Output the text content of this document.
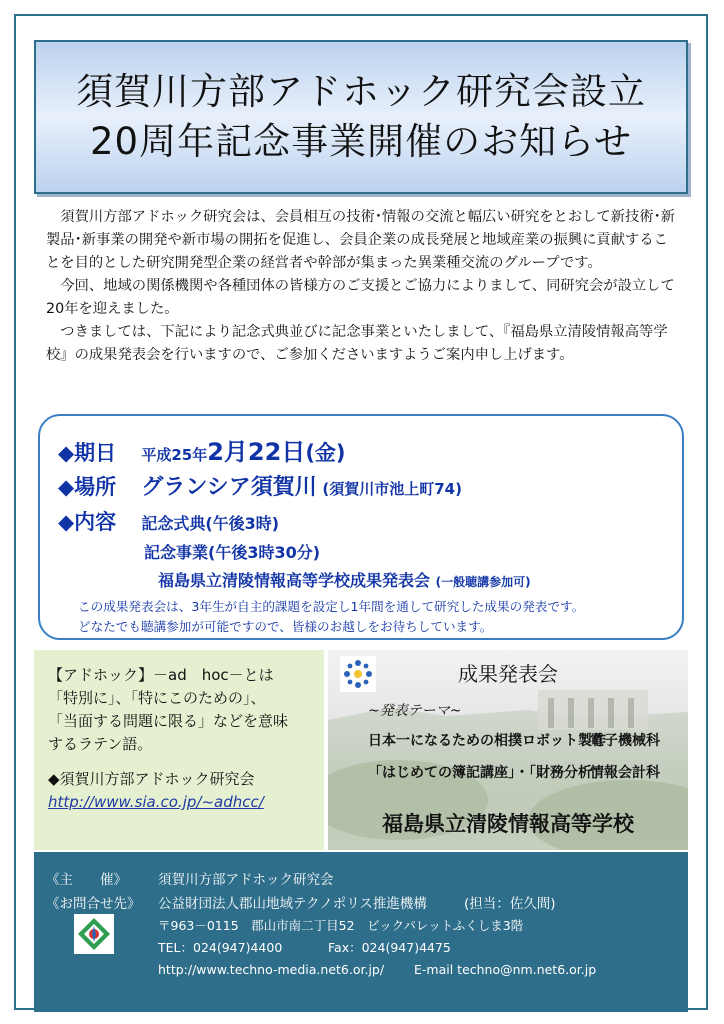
須賀川方部アドホック研究会設立
20周年記念事業開催のお知らせ

　須賀川方部アドホック研究会は、会員相互の技術･情報の交流と幅広い研究をとおして新技術･新製品･新事業の開発や新市場の開拓を促進し、会員企業の成長発展と地域産業の振興に貢献することを目的とした研究開発型企業の経営者や幹部が集まった異業種交流のグループです。

　今回、地域の関係機関や各種団体の皆様方のご支援とご協力によりまして、同研究会が設立して20年を迎えました。

　つきましては、下記により記念式典並びに記念事業といたしまして、『福島県立清陵情報高等学校』の成果発表会を行いますので、ご参加くださいますようご案内申し上げます。

◆期日 平成25年2月22日(金)
◆場所 グランシア須賀川 (須賀川市池上町74)
◆内容 記念式典(午後3時)
記念事業(午後3時30分)
福島県立清陵情報高等学校成果発表会 (一般聴講参加可)
この成果発表会は、3年生が自主的課題を設定し1年間を通して研究した成果の発表です。
どなたでも聴講参加が可能ですので、皆様のお越しをお待ちしています。

【アドホック】－ad　hoc－とは

「特別に」、「特にこのための」、

「当面する問題に限る」などを意味

するラテン語。

◆須賀川方部アドホック研究会

http://www.sia.co.jp/~adhcc/

成果発表会
~発表テーマ~
日本一になるための相撲ロボット製作
電子機械科
「はじめての簿記講座」・「財務分析」
情報会計科
福島県立清陵情報高等学校
《主　　催》 須賀川方部アドホック研究会
《お問合せ先》 公益財団法人郡山地域テクノポリス推進機構	(担当：佐久間)
〒963－0115　郡山市南二丁目52　ビックパレットふくしま3階
TEL：024(947)4400	Fax：024(947)4475
http://www.techno-media.net6.or.jp/ E-mail techno@nm.net6.or.jp
